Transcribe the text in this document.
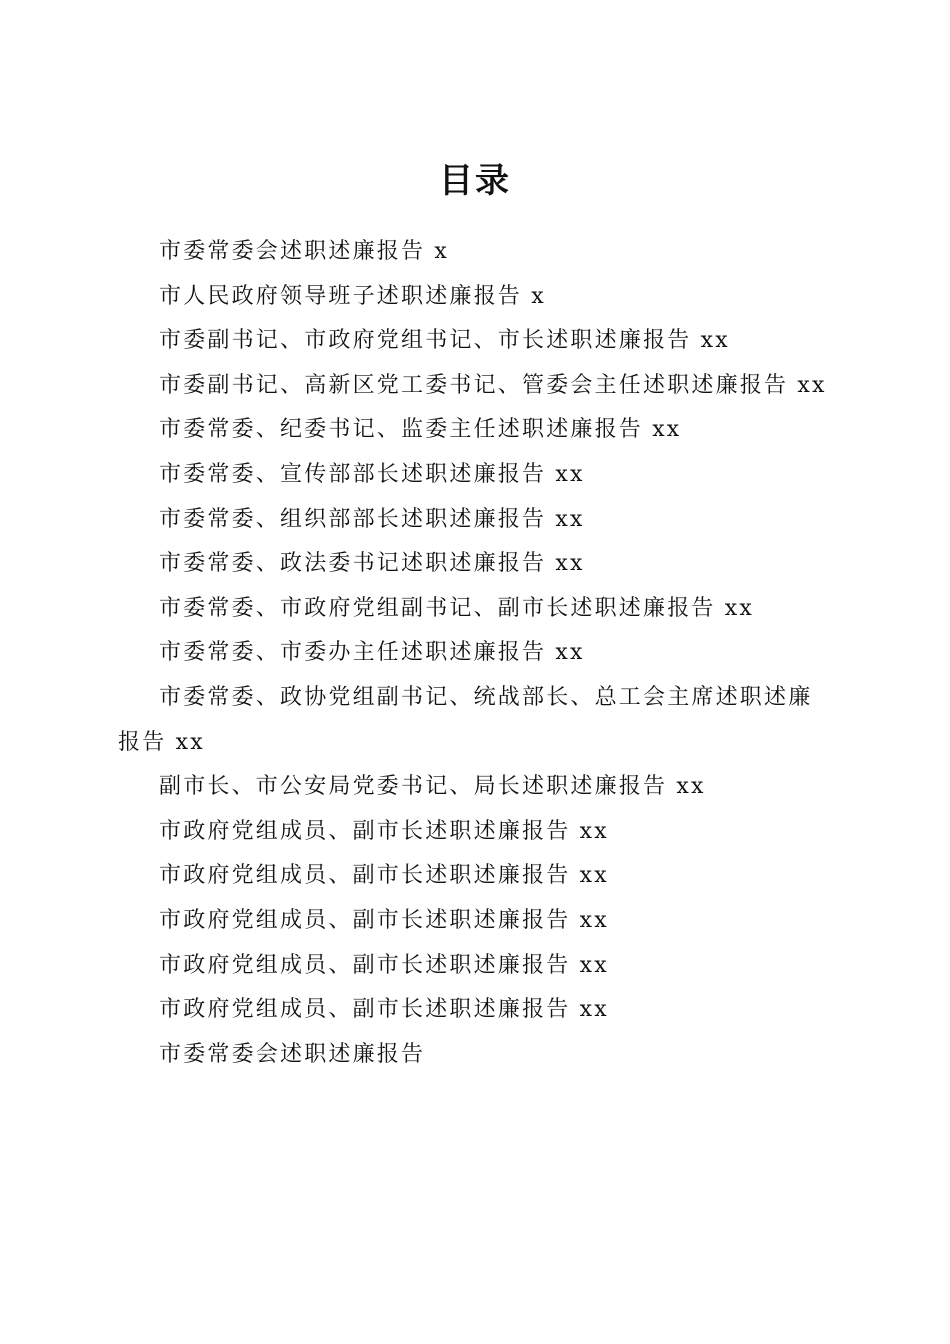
目录
市委常委会述职述廉报告 x
市人民政府领导班子述职述廉报告 x
市委副书记、市政府党组书记、市长述职述廉报告 xx
市委副书记、高新区党工委书记、管委会主任述职述廉报告 xx
市委常委、纪委书记、监委主任述职述廉报告 xx
市委常委、宣传部部长述职述廉报告 xx
市委常委、组织部部长述职述廉报告 xx
市委常委、政法委书记述职述廉报告 xx
市委常委、市政府党组副书记、副市长述职述廉报告 xx
市委常委、市委办主任述职述廉报告 xx
市委常委、政协党组副书记、统战部长、总工会主席述职述廉报告 xx
副市长、市公安局党委书记、局长述职述廉报告 xx
市政府党组成员、副市长述职述廉报告 xx
市政府党组成员、副市长述职述廉报告 xx
市政府党组成员、副市长述职述廉报告 xx
市政府党组成员、副市长述职述廉报告 xx
市政府党组成员、副市长述职述廉报告 xx
市委常委会述职述廉报告
